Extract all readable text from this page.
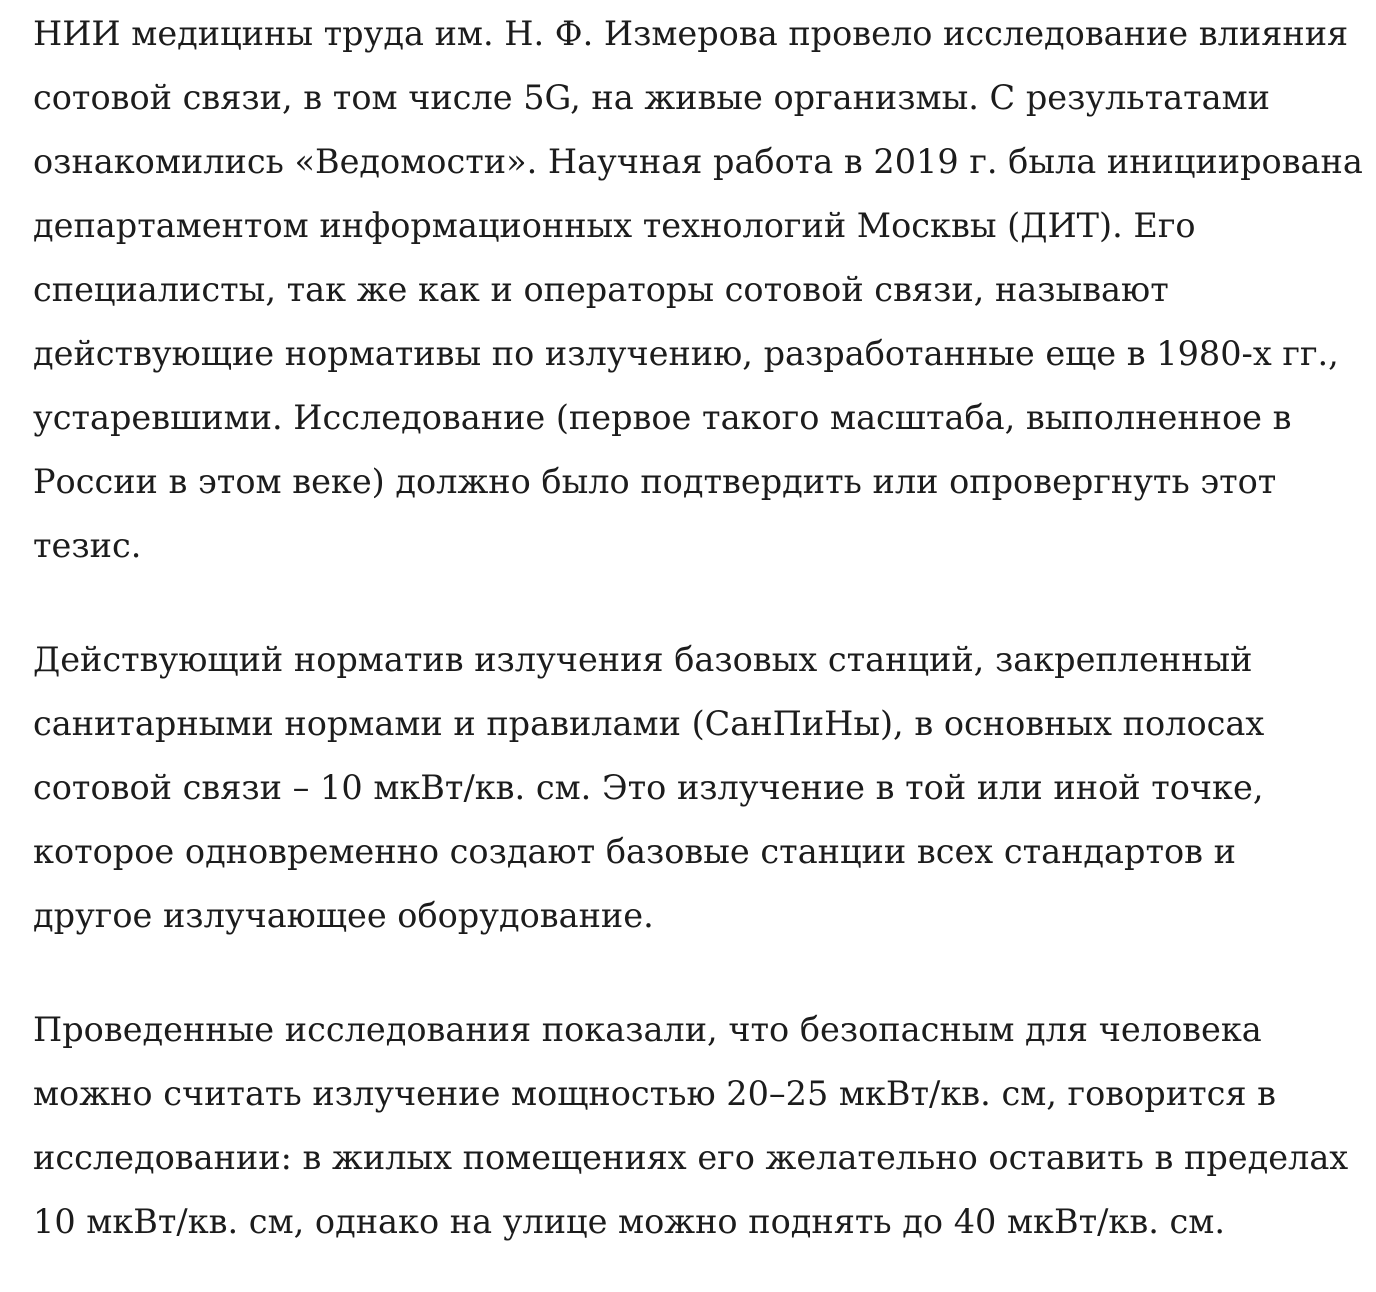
НИИ медицины труда им. Н. Ф. Измерова провело исследование влияния
сотовой связи, в том числе 5G, на живые организмы. С результатами
ознакомились «Ведомости». Научная работа в 2019 г. была инициирована
департаментом информационных технологий Москвы (ДИТ). Его
специалисты, так же как и операторы сотовой связи, называют
действующие нормативы по излучению, разработанные еще в 1980-х гг.,
устаревшими. Исследование (первое такого масштаба, выполненное в
России в этом веке) должно было подтвердить или опровергнуть этот
тезис.

Действующий норматив излучения базовых станций, закрепленный
санитарными нормами и правилами (СанПиНы), в основных полосах
сотовой связи – 10 мкВт/кв. см. Это излучение в той или иной точке,
которое одновременно создают базовые станции всех стандартов и
другое излучающее оборудование.

Проведенные исследования показали, что безопасным для человека
можно считать излучение мощностью 20–25 мкВт/кв. см, говорится в
исследовании: в жилых помещениях его желательно оставить в пределах
10 мкВт/кв. см, однако на улице можно поднять до 40 мкВт/кв. см.
